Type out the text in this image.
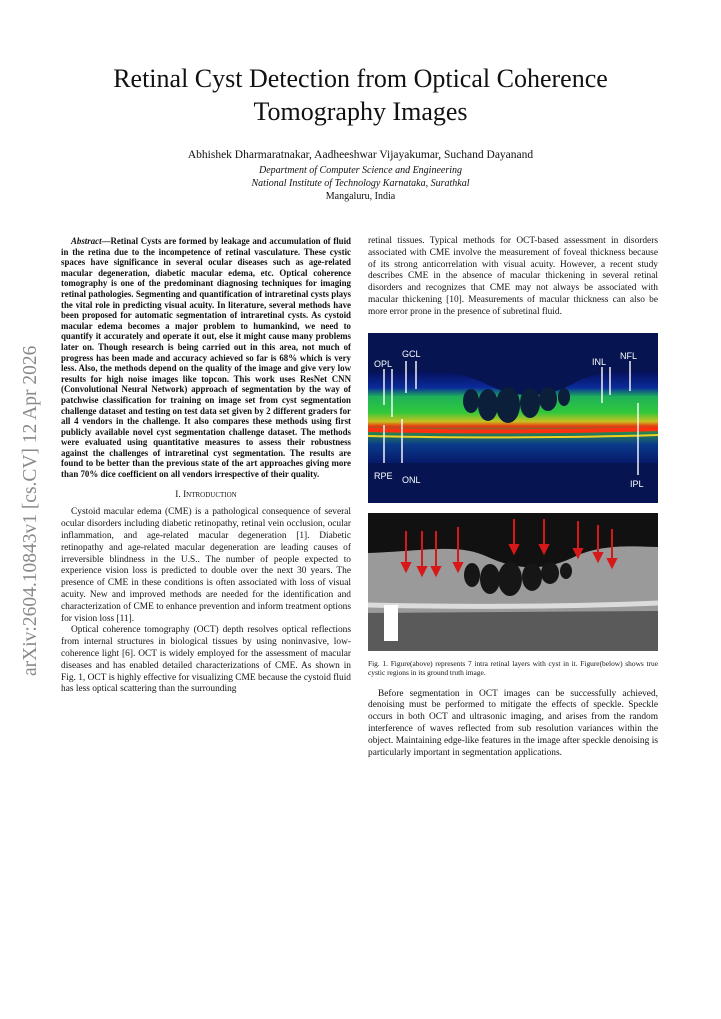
arXiv:2604.10843v1 [cs.CV] 12 Apr 2026
Retinal Cyst Detection from Optical Coherence
Tomography Images
Abhishek Dharmaratnakar, Aadheeshwar Vijayakumar, Suchand Dayanand
Department of Computer Science and Engineering
National Institute of Technology Karnataka, Surathkal
Mangaluru, India

Abstract—Retinal Cysts are formed by leakage and accumulation of fluid in the retina due to the incompetence of retinal vasculature. These cystic spaces have significance in several ocular diseases such as age-related macular degeneration, diabetic macular edema, etc. Optical coherence tomography is one of the predominant diagnosing techniques for imaging retinal pathologies. Segmenting and quantification of intraretinal cysts plays the vital role in predicting visual acuity. In literature, several methods have been proposed for automatic segmentation of intraretinal cysts. As cystoid macular edema becomes a major problem to humankind, we need to quantify it accurately and operate it out, else it might cause many problems later on. Though research is being carried out in this area, not much of progress has been made and accuracy achieved so far is 68% which is very less. Also, the methods depend on the quality of the image and give very low results for high noise images like topcon. This work uses ResNet CNN (Convolutional Neural Network) approach of segmentation by the way of patchwise classification for training on image set from cyst segmentation challenge dataset and testing on test data set given by 2 different graders for all 4 vendors in the challenge. It also compares these methods using first publicly available novel cyst segmentation challenge dataset. The methods were evaluated using quantitative measures to assess their robustness against the challenges of intraretinal cyst segmentation. The results are found to be better than the previous state of the art approaches giving more than 70% dice coefficient on all vendors irrespective of their quality.

I. Introduction

Cystoid macular edema (CME) is a pathological consequence of several ocular disorders including diabetic retinopathy, retinal vein occlusion, ocular inflammation, and age-related macular degeneration [1]. Diabetic retinopathy and age-related macular degeneration are leading causes of irreversible blindness in the U.S.. The number of people expected to experience vision loss is predicted to double over the next 30 years. The presence of CME in these conditions is often associated with loss of visual acuity. New and improved methods are needed for the identification and characterization of CME to enhance prevention and inform treatment options for vision loss [11].

Optical coherence tomography (OCT) depth resolves optical reflections from internal structures in biological tissues by using noninvasive, low-coherence light [6]. OCT is widely employed for the assessment of macular diseases and has enabled detailed characterizations of CME. As shown in Fig. 1, OCT is highly effective for visualizing CME because the cystoid fluid has less optical scattering than the surrounding

retinal tissues. Typical methods for OCT-based assessment in disorders associated with CME involve the measurement of foveal thickness because of its strong anticorrelation with visual acuity. However, a recent study describes CME in the absence of macular thickening in several retinal disorders and recognizes that CME may not always be associated with macular thickening [10]. Measurements of macular thickness can also be more error prone in the presence of subretinal fluid.

OPL
GCL
INL
NFL
RPE ONL	IPL
Fig. 1. Figure(above) represents 7 intra retinal layers with cyst in it. Figure(below) shows true cystic regions in its ground truth image.

Before segmentation in OCT images can be successfully achieved, denoising must be performed to mitigate the effects of speckle. Speckle occurs in both OCT and ultrasonic imaging, and arises from the random interference of waves reflected from sub resolution variances within the object. Maintaining edge-like features in the image after speckle denoising is particularly important in segmentation applications.
